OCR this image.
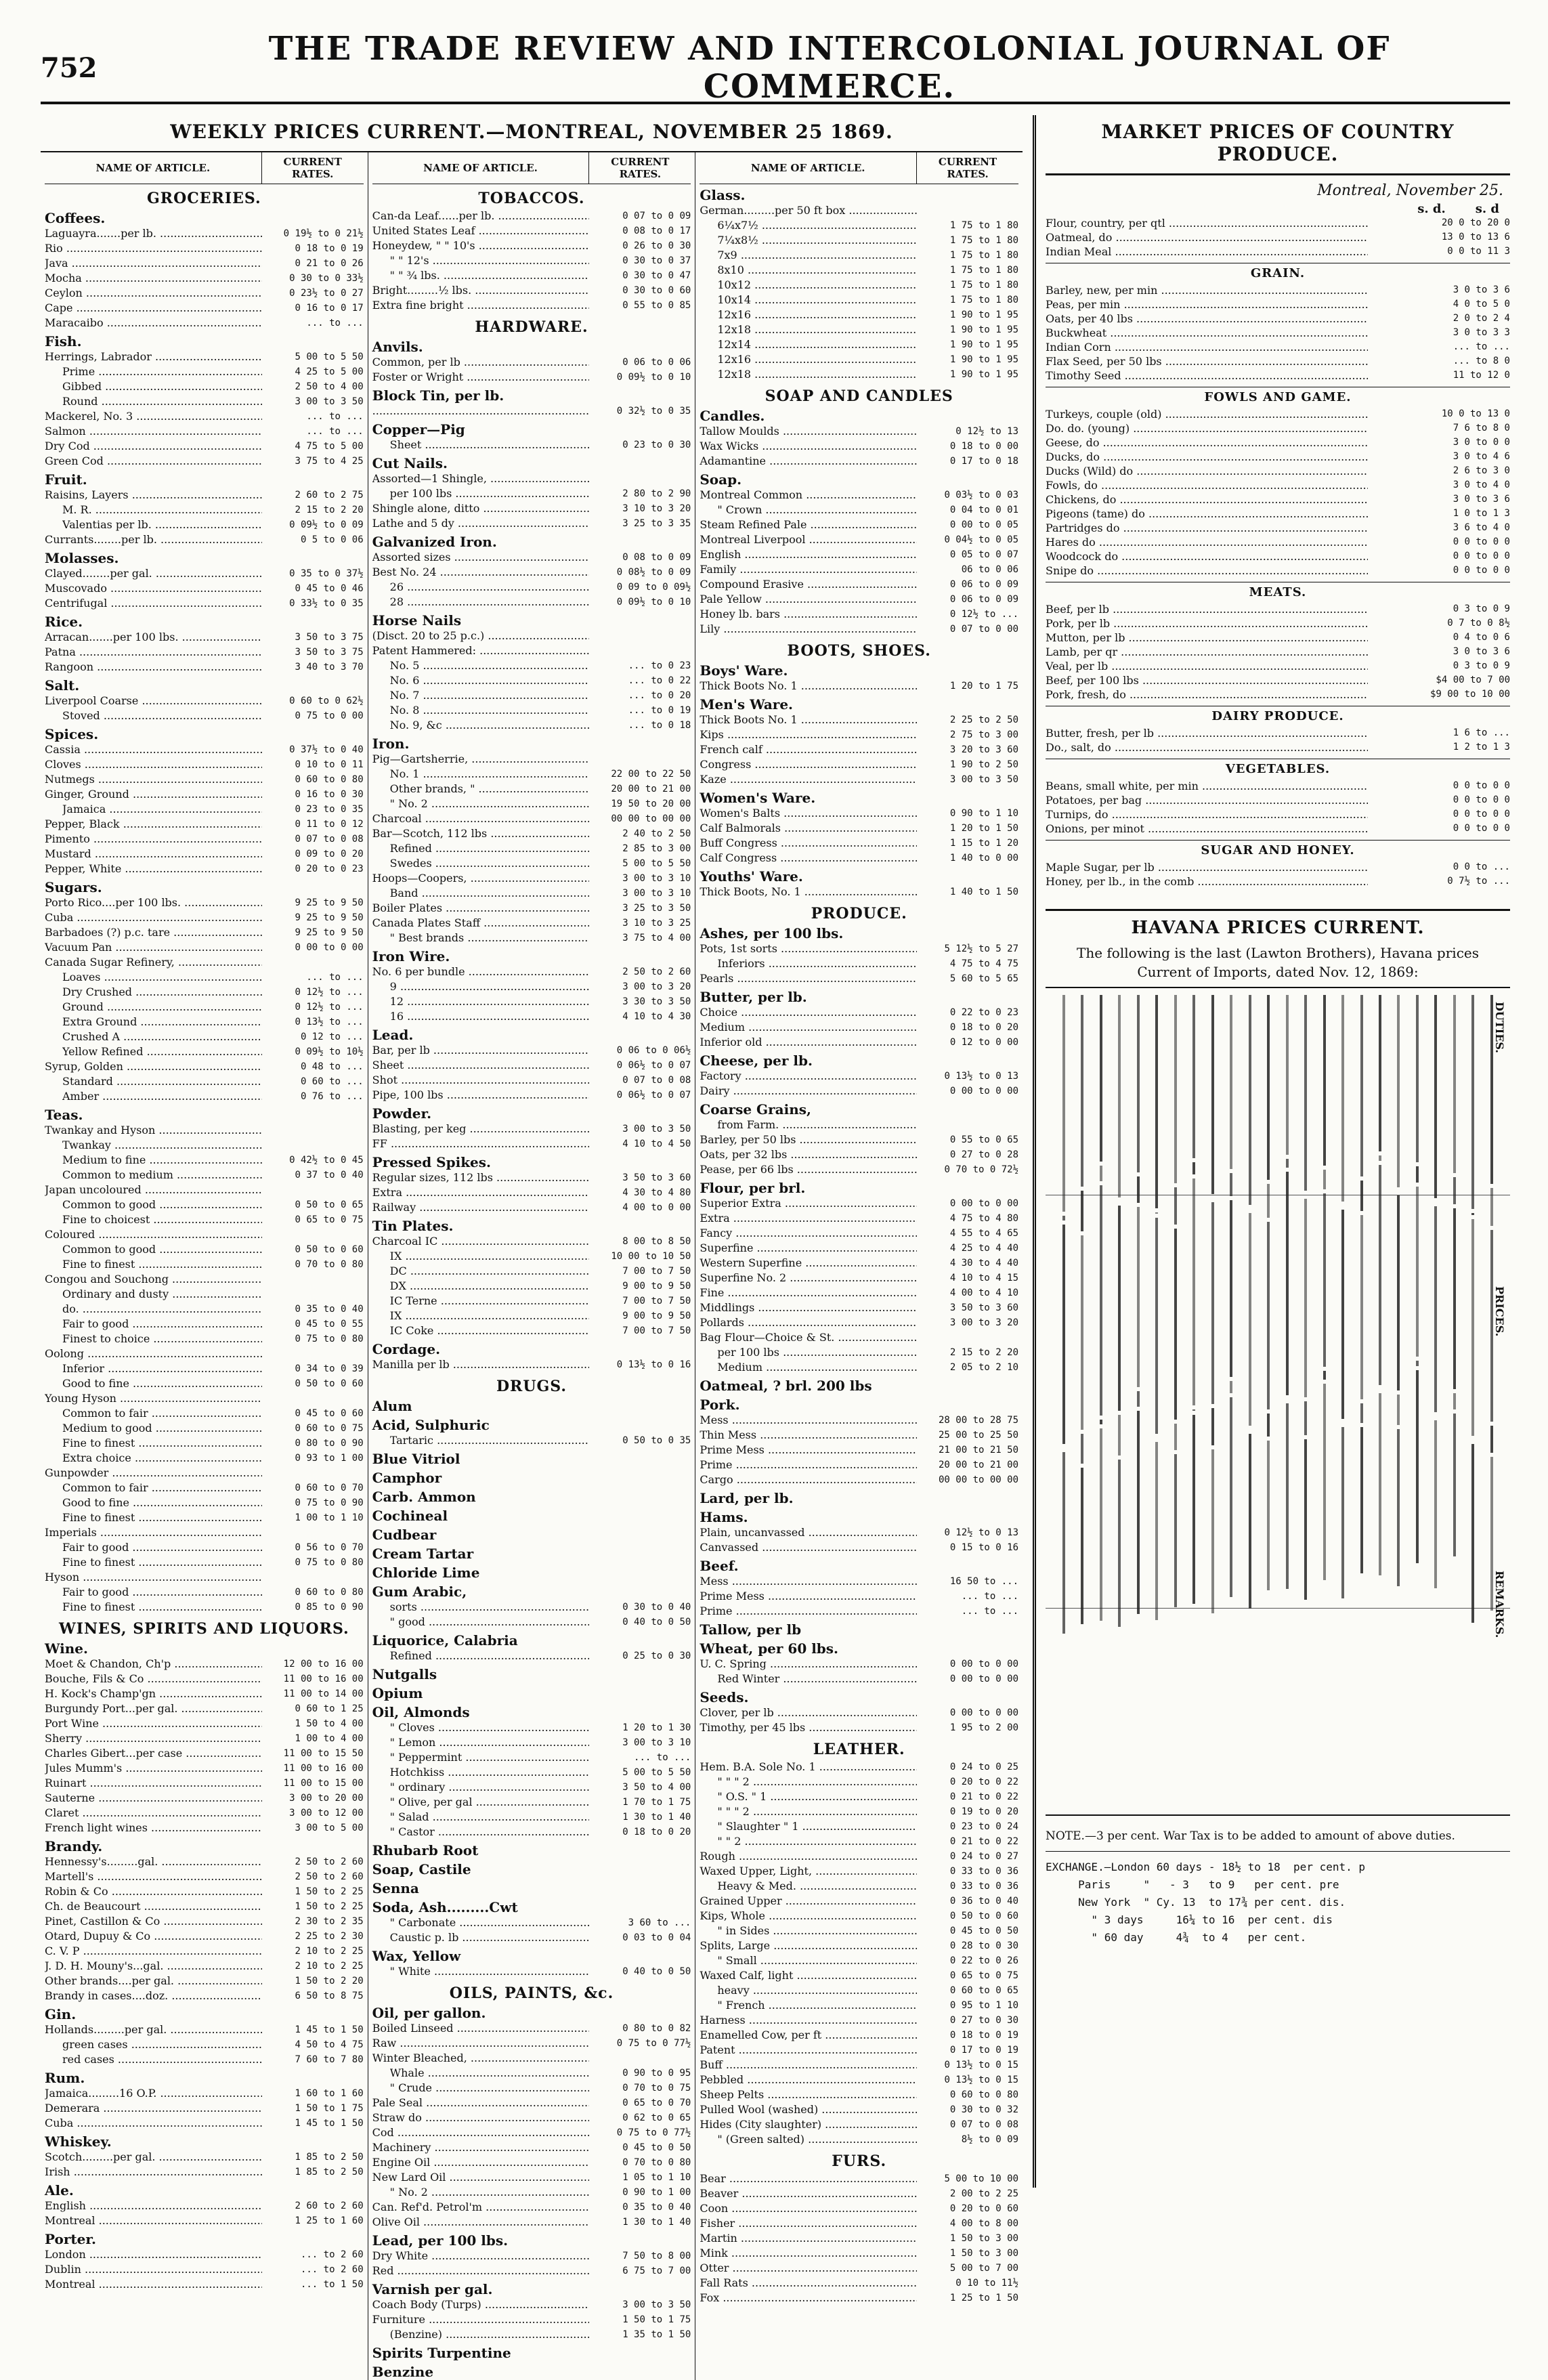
752	THE TRADE REVIEW AND INTERCOLONIAL JOURNAL OF COMMERCE.
WEEKLY PRICES CURRENT.—MONTREAL, NOVEMBER 25 1869.
NAME OF ARTICLE.	CURRENT RATES.
GROCERIES.
Coffees.
Laguayra.......per lb. .....	0 19½ to 0 21½
Rio .....	0 18 to 0 19
Java .....	0 21 to 0 26
Mocha .....	0 30 to 0 33½
Ceylon .....	0 23½ to 0 27
Cape .....	0 16 to 0 17
Maracaibo .....	... to ...
Fish.
Herrings, Labrador .....	5 00 to 5 50
Prime .....	4 25 to 5 00
Gibbed .....	2 50 to 4 00
Round .....	3 00 to 3 50
Mackerel, No. 3 .....	... to ...
Salmon .....	... to ...
Dry Cod .....	4 75 to 5 00
Green Cod .....	3 75 to 4 25
Fruit.
Raisins, Layers .....	2 60 to 2 75
M. R. .....	2 15 to 2 20
Valentias per lb. .....	0 09½ to 0 09
Currants........per lb. .....	0 5 to 0 06
Molasses.
Clayed........per gal. .....	0 35 to 0 37½
Muscovado .....	0 45 to 0 46
Centrifugal .....	0 33½ to 0 35
Rice.
Arracan.......per 100 lbs. .....	3 50 to 3 75
Patna .....	3 50 to 3 75
Rangoon .....	3 40 to 3 70
Salt.
Liverpool Coarse .....	0 60 to 0 62½
Stoved .....	0 75 to 0 00
Spices.
Cassia .....	0 37½ to 0 40
Cloves .....	0 10 to 0 11
Nutmegs .....	0 60 to 0 80
Ginger, Ground .....	0 16 to 0 30
Jamaica .....	0 23 to 0 35
Pepper, Black .....	0 11 to 0 12
Pimento .....	0 07 to 0 08
Mustard .....	0 09 to 0 20
Pepper, White .....	0 20 to 0 23
Sugars.
Porto Rico....per 100 lbs. .....	9 25 to 9 50
Cuba .....	9 25 to 9 50
Barbadoes (?) p.c. tare .....	9 25 to 9 50
Vacuum Pan .....	0 00 to 0 00
Canada Sugar Refinery, .....
Loaves .....	... to ...
Dry Crushed .....	0 12½ to ...
Ground .....	0 12½ to ...
Extra Ground .....	0 13½ to ...
Crushed A .....	0 12 to ...
Yellow Refined .....	0 09½ to 10½
Syrup, Golden .....	0 48 to ...
Standard .....	0 60 to ...
Amber .....	0 76 to ...
Teas.
Twankay and Hyson .....
Twankay .....
Medium to fine .....	0 42½ to 0 45
Common to medium .....	0 37 to 0 40
Japan uncoloured .....
Common to good .....	0 50 to 0 65
Fine to choicest .....	0 65 to 0 75
Coloured .....
Common to good .....	0 50 to 0 60
Fine to finest .....	0 70 to 0 80
Congou and Souchong .....
Ordinary and dusty .....
do. .....	0 35 to 0 40
Fair to good .....	0 45 to 0 55
Finest to choice .....	0 75 to 0 80
Oolong .....
Inferior .....	0 34 to 0 39
Good to fine .....	0 50 to 0 60
Young Hyson .....
Common to fair .....	0 45 to 0 60
Medium to good .....	0 60 to 0 75
Fine to finest .....	0 80 to 0 90
Extra choice .....	0 93 to 1 00
Gunpowder .....
Common to fair .....	0 60 to 0 70
Good to fine .....	0 75 to 0 90
Fine to finest .....	1 00 to 1 10
Imperials .....
Fair to good .....	0 56 to 0 70
Fine to finest .....	0 75 to 0 80
Hyson .....
Fair to good .....	0 60 to 0 80
Fine to finest .....	0 85 to 0 90
WINES, SPIRITS AND LIQUORS.
Wine.
Moet & Chandon, Ch'p .....	12 00 to 16 00
Bouche, Fils & Co .....	11 00 to 16 00
H. Kock's Champ'gn .....	11 00 to 14 00
Burgundy Port...per gal. .....	0 60 to 1 25
Port Wine .....	1 50 to 4 00
Sherry .....	1 00 to 4 00
Charles Gibert...per case .....	11 00 to 15 50
Jules Mumm's .....	11 00 to 16 00
Ruinart .....	11 00 to 15 00
Sauterne .....	3 00 to 20 00
Claret .....	3 00 to 12 00
French light wines .....	3 00 to 5 00
Brandy.
Hennessy's.........gal. .....	2 50 to 2 60
Martell's .....	2 50 to 2 60
Robin & Co .....	1 50 to 2 25
Ch. de Beaucourt .....	1 50 to 2 25
Pinet, Castillon & Co .....	2 30 to 2 35
Otard, Dupuy & Co .....	2 25 to 2 30
C. V. P .....	2 10 to 2 25
J. D. H. Mouny's...gal. .....	2 10 to 2 25
Other brands....per gal. .....	1 50 to 2 20
Brandy in cases....doz. .....	6 50 to 8 75
Gin.
Hollands.........per gal. .....	1 45 to 1 50
green cases .....	4 50 to 4 75
red cases .....	7 60 to 7 80
Rum.
Jamaica.........16 O.P. .....	1 60 to 1 60
Demerara .....	1 50 to 1 75
Cuba .....	1 45 to 1 50
Whiskey.
Scotch.........per gal. .....	1 85 to 2 50
Irish .....	1 85 to 2 50
Ale.
English .....	2 60 to 2 60
Montreal .....	1 25 to 1 60
Porter.
London .....	... to 2 60
Dublin .....	... to 2 60
Montreal .....	... to 1 50
NAME OF ARTICLE.	CURRENT RATES.
TOBACCOS.
Can-da Leaf......per lb. .....	0 07 to 0 09
United States Leaf .....	0 08 to 0 17
Honeydew, " " 10's .....	0 26 to 0 30
" " 12's .....	0 30 to 0 37
" " ¾ lbs. .....	0 30 to 0 47
Bright.........½ lbs. .....	0 30 to 0 60
Extra fine bright .....	0 55 to 0 85
HARDWARE.
Anvils.
Common, per lb .....	0 06 to 0 06
Foster or Wright .....	0 09½ to 0 10
Block Tin, per lb.
.....
0 32½ to 0 35
Copper—Pig
Sheet .....	0 23 to 0 30
Cut Nails.
Assorted—1 Shingle, .....
per 100 lbs .....	2 80 to 2 90
Shingle alone, ditto .....	3 10 to 3 20
Lathe and 5 dy .....	3 25 to 3 35
Galvanized Iron.
Assorted sizes .....	0 08 to 0 09
Best No. 24 .....	0 08½ to 0 09
26 .....	0 09 to 0 09½
28 .....	0 09½ to 0 10
Horse Nails
(Disct. 20 to 25 p.c.) .....
Patent Hammered: .....
No. 5 .....	... to 0 23
No. 6 .....	... to 0 22
No. 7 .....	... to 0 20
No. 8 .....	... to 0 19
No. 9, &c .....	... to 0 18
Iron.
Pig—Gartsherrie, .....
No. 1 .....	22 00 to 22 50
Other brands, " .....	20 00 to 21 00
" No. 2 .....	19 50 to 20 00
Charcoal .....	00 00 to 00 00
Bar—Scotch, 112 lbs .....	2 40 to 2 50
Refined .....	2 85 to 3 00
Swedes .....	5 00 to 5 50
Hoops—Coopers, .....	3 00 to 3 10
Band .....	3 00 to 3 10
Boiler Plates .....	3 25 to 3 50
Canada Plates Staff .....	3 10 to 3 25
" Best brands .....	3 75 to 4 00
Iron Wire.
No. 6 per bundle .....	2 50 to 2 60
9 .....	3 00 to 3 20
12 .....	3 30 to 3 50
16 .....	4 10 to 4 30
Lead.
Bar, per lb .....	0 06 to 0 06½
Sheet .....	0 06½ to 0 07
Shot .....	0 07 to 0 08
Pipe, 100 lbs .....	0 06½ to 0 07
Powder.
Blasting, per keg .....	3 00 to 3 50
FF .....	4 10 to 4 50
Pressed Spikes.
Regular sizes, 112 lbs .....	3 50 to 3 60
Extra .....	4 30 to 4 80
Railway .....	4 00 to 0 00
Tin Plates.
Charcoal IC .....	8 00 to 8 50
IX .....	10 00 to 10 50
DC .....	7 00 to 7 50
DX .....	9 00 to 9 50
IC Terne .....	7 00 to 7 50
IX .....	9 00 to 9 50
IC Coke .....	7 00 to 7 50
Cordage.
Manilla per lb .....	0 13½ to 0 16
DRUGS.
Alum
Acid, Sulphuric
Tartaric .....	0 50 to 0 35
Blue Vitriol
Camphor
Carb. Ammon
Cochineal
Cudbear
Cream Tartar
Chloride Lime
Gum Arabic,
sorts .....	0 30 to 0 40
" good .....	0 40 to 0 50
Liquorice, Calabria
Refined .....	0 25 to 0 30
Nutgalls
Opium
Oil, Almonds
" Cloves .....	1 20 to 1 30
" Lemon .....	3 00 to 3 10
" Peppermint .....	... to ...
Hotchkiss .....	5 00 to 5 50
" ordinary .....	3 50 to 4 00
" Olive, per gal .....	1 70 to 1 75
" Salad .....	1 30 to 1 40
" Castor .....	0 18 to 0 20
Rhubarb Root
Soap, Castile
Senna
Soda, Ash.........Cwt
" Carbonate .....	3 60 to ...
Caustic p. lb .....	0 03 to 0 04
Wax, Yellow
" White .....	0 40 to 0 50
OILS, PAINTS, &c.
Oil, per gallon.
Boiled Linseed .....	0 80 to 0 82
Raw .....	0 75 to 0 77½
Winter Bleached, .....
Whale .....	0 90 to 0 95
" Crude .....	0 70 to 0 75
Pale Seal .....	0 65 to 0 70
Straw do .....	0 62 to 0 65
Cod .....	0 75 to 0 77½
Machinery .....	0 45 to 0 50
Engine Oil .....	0 70 to 0 80
New Lard Oil .....	1 05 to 1 10
" No. 2 .....	0 90 to 1 00
Can. Ref'd. Petrol'm .....	0 35 to 0 40
Olive Oil .....	1 30 to 1 40
Lead, per 100 lbs.
Dry White .....	7 50 to 8 00
Red .....	6 75 to 7 00
Varnish per gal.
Coach Body (Turps) .....	3 00 to 3 50
Furniture .....	1 50 to 1 75
(Benzine) .....	1 35 to 1 50
Spirits Turpentine
Benzine
NAME OF ARTICLE.	CURRENT RATES.
Glass.
German.........per 50 ft box .....
6¼x7½ .....	1 75 to 1 80
7¼x8½ .....	1 75 to 1 80
7x9 .....	1 75 to 1 80
8x10 .....	1 75 to 1 80
10x12 .....	1 75 to 1 80
10x14 .....	1 75 to 1 80
12x16 .....	1 90 to 1 95
12x18 .....	1 90 to 1 95
12x14 .....	1 90 to 1 95
12x16 .....	1 90 to 1 95
12x18 .....	1 90 to 1 95
SOAP AND CANDLES
Candles.
Tallow Moulds .....	0 12½ to 13
Wax Wicks .....	0 18 to 0 00
Adamantine .....	0 17 to 0 18
Soap.
Montreal Common .....	0 03½ to 0 03
" Crown .....	0 04 to 0 01
Steam Refined Pale .....	0 00 to 0 05
Montreal Liverpool .....	0 04½ to 0 05
English .....	0 05 to 0 07
Family .....	06 to 0 06
Compound Erasive .....	0 06 to 0 09
Pale Yellow .....	0 06 to 0 09
Honey lb. bars .....	0 12½ to ...
Lily .....	0 07 to 0 00
BOOTS, SHOES.
Boys' Ware.
Thick Boots No. 1 .....	1 20 to 1 75
Men's Ware.
Thick Boots No. 1 .....	2 25 to 2 50
Kips .....	2 75 to 3 00
French calf .....	3 20 to 3 60
Congress .....	1 90 to 2 50
Kaze .....	3 00 to 3 50
Women's Ware.
Women's Balts .....	0 90 to 1 10
Calf Balmorals .....	1 20 to 1 50
Buff Congress .....	1 15 to 1 20
Calf Congress .....	1 40 to 0 00
Youths' Ware.
Thick Boots, No. 1 .....	1 40 to 1 50
PRODUCE.
Ashes, per 100 lbs.
Pots, 1st sorts .....	5 12½ to 5 27
Inferiors .....	4 75 to 4 75
Pearls .....	5 60 to 5 65
Butter, per lb.
Choice .....	0 22 to 0 23
Medium .....	0 18 to 0 20
Inferior old .....	0 12 to 0 00
Cheese, per lb.
Factory .....	0 13½ to 0 13
Dairy .....	0 00 to 0 00
Coarse Grains,
from Farm. .....
Barley, per 50 lbs .....	0 55 to 0 65
Oats, per 32 lbs .....	0 27 to 0 28
Pease, per 66 lbs .....	0 70 to 0 72½
Flour, per brl.
Superior Extra .....	0 00 to 0 00
Extra .....	4 75 to 4 80
Fancy .....	4 55 to 4 65
Superfine .....	4 25 to 4 40
Western Superfine .....	4 30 to 4 40
Superfine No. 2 .....	4 10 to 4 15
Fine .....	4 00 to 4 10
Middlings .....	3 50 to 3 60
Pollards .....	3 00 to 3 20
Bag Flour—Choice & St. .....
per 100 lbs .....	2 15 to 2 20
Medium .....	2 05 to 2 10
Oatmeal, ? brl. 200 lbs
Pork.
Mess .....	28 00 to 28 75
Thin Mess .....	25 00 to 25 50
Prime Mess .....	21 00 to 21 50
Prime .....	20 00 to 21 00
Cargo .....	00 00 to 00 00
Lard, per lb.
Hams.
Plain, uncanvassed .....	0 12½ to 0 13
Canvassed .....	0 15 to 0 16
Beef.
Mess .....	16 50 to ...
Prime Mess .....	... to ...
Prime .....	... to ...
Tallow, per lb
Wheat, per 60 lbs.
U. C. Spring .....	0 00 to 0 00
Red Winter .....	0 00 to 0 00
Seeds.
Clover, per lb .....	0 00 to 0 00
Timothy, per 45 lbs .....	1 95 to 2 00
LEATHER.
Hem. B.A. Sole No. 1 .....	0 24 to 0 25
" " " 2 .....	0 20 to 0 22
" O.S. " 1 .....	0 21 to 0 22
" " " 2 .....	0 19 to 0 20
" Slaughter " 1 .....	0 23 to 0 24
" " 2 .....	0 21 to 0 22
Rough .....	0 24 to 0 27
Waxed Upper, Light, .....	0 33 to 0 36
Heavy & Med. .....	0 33 to 0 36
Grained Upper .....	0 36 to 0 40
Kips, Whole .....	0 50 to 0 60
" in Sides .....	0 45 to 0 50
Splits, Large .....	0 28 to 0 30
" Small .....	0 22 to 0 26
Waxed Calf, light .....	0 65 to 0 75
heavy .....	0 60 to 0 65
" French .....	0 95 to 1 10
Harness .....	0 27 to 0 30
Enamelled Cow, per ft .....	0 18 to 0 19
Patent .....	0 17 to 0 19
Buff .....	0 13½ to 0 15
Pebbled .....	0 13½ to 0 15
Sheep Pelts .....	0 60 to 0 80
Pulled Wool (washed) .....	0 30 to 0 32
Hides (City slaughter) .....	0 07 to 0 08
" (Green salted) .....	8½ to 0 09
FURS.
Bear .....	5 00 to 10 00
Beaver .....	2 00 to 2 25
Coon .....	0 20 to 0 60
Fisher .....	4 00 to 8 00
Martin .....	1 50 to 3 00
Mink .....	1 50 to 3 00
Otter .....	5 00 to 7 00
Fall Rats .....	0 10 to 11½
Fox .....	1 25 to 1 50
MARKET PRICES OF COUNTRY PRODUCE.
Montreal, November 25.
s. d. s. d
Flour, country, per qtl .....	20 0 to 20 0
Oatmeal, do .....	13 0 to 13 6
Indian Meal .....	0 0 to 11 3
GRAIN.
Barley, new, per min .....	3 0 to 3 6
Peas, per min .....	4 0 to 5 0
Oats, per 40 lbs .....	2 0 to 2 4
Buckwheat .....	3 0 to 3 3
Indian Corn .....	... to ...
Flax Seed, per 50 lbs .....	... to 8 0
Timothy Seed .....	11 to 12 0
FOWLS AND GAME.
Turkeys, couple (old) .....	10 0 to 13 0
Do. do. (young) .....	7 6 to 8 0
Geese, do .....	3 0 to 0 0
Ducks, do .....	3 0 to 4 6
Ducks (Wild) do .....	2 6 to 3 0
Fowls, do .....	3 0 to 4 0
Chickens, do .....	3 0 to 3 6
Pigeons (tame) do .....	1 0 to 1 3
Partridges do .....	3 6 to 4 0
Hares do .....	0 0 to 0 0
Woodcock do .....	0 0 to 0 0
Snipe do .....	0 0 to 0 0
MEATS.
Beef, per lb .....	0 3 to 0 9
Pork, per lb .....	0 7 to 0 8½
Mutton, per lb .....	0 4 to 0 6
Lamb, per qr .....	3 0 to 3 6
Veal, per lb .....	0 3 to 0 9
Beef, per 100 lbs .....	$4 00 to 7 00
Pork, fresh, do .....	$9 00 to 10 00
DAIRY PRODUCE.
Butter, fresh, per lb .....	1 6 to ...
Do., salt, do .....	1 2 to 1 3
VEGETABLES.
Beans, small white, per min .....	0 0 to 0 0
Potatoes, per bag .....	0 0 to 0 0
Turnips, do .....	0 0 to 0 0
Onions, per minot .....	0 0 to 0 0
SUGAR AND HONEY.
Maple Sugar, per lb .....	0 0 to ...
Honey, per lb., in the comb .....	0 7½ to ...
HAVANA PRICES CURRENT.
The following is the last (Lawton Brothers), Havana prices Current of Imports, dated Nov. 12, 1869:
DUTIES.
PRICES.
REMARKS.
NOTE.—3 per cent. War Tax is to be added to amount of above duties.
EXCHANGE.—London 60 days - 18½ to 18  per cent. p
Paris     "   - 3   to 9   per cent. pre
New York  " Cy. 13  to 17¾ per cent. dis.
" 3 days     16¼ to 16  per cent. dis
" 60 day     4¾  to 4   per cent.
